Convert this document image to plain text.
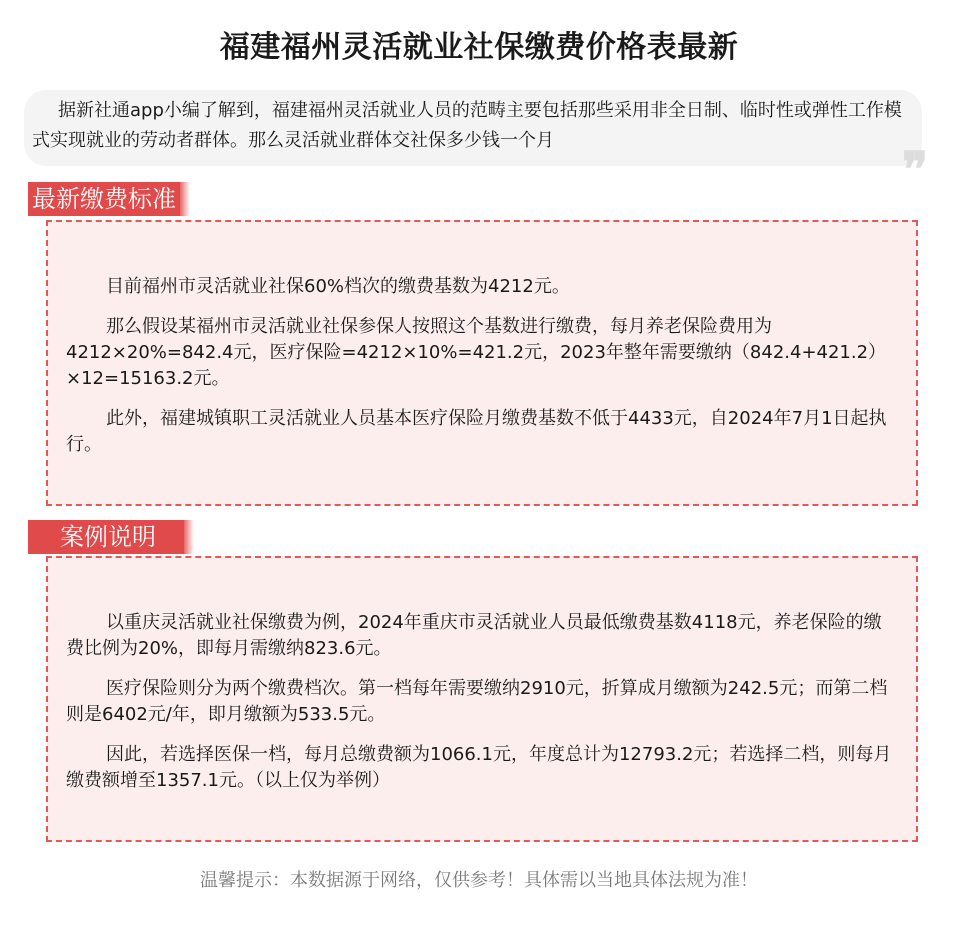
福建福州灵活就业社保缴费价格表最新
据新社通app小编了解到，福建福州灵活就业人员的范畴主要包括那些采用非全日制、临时性或弹性工作模式实现就业的劳动者群体。那么灵活就业群体交社保多少钱一个月
❞
最新缴费标准

目前福州市灵活就业社保60%档次的缴费基数为4212元。

那么假设某福州市灵活就业社保参保人按照这个基数进行缴费，每月养老保险费用为4212×20%=842.4元，医疗保险=4212×10%=421.2元，2023年整年需要缴纳（842.4+421.2）×12=15163.2元。

此外，福建城镇职工灵活就业人员基本医疗保险月缴费基数不低于4433元，自2024年7月1日起执行。

案例说明

以重庆灵活就业社保缴费为例，2024年重庆市灵活就业人员最低缴费基数4118元，养老保险的缴费比例为20%，即每月需缴纳823.6元。

医疗保险则分为两个缴费档次。第一档每年需要缴纳2910元，折算成月缴额为242.5元；而第二档则是6402元/年，即月缴额为533.5元。

因此，若选择医保一档，每月总缴费额为1066.1元，年度总计为12793.2元；若选择二档，则每月缴费额增至1357.1元。（以上仅为举例）

温馨提示：本数据源于网络，仅供参考！具体需以当地具体法规为准！
